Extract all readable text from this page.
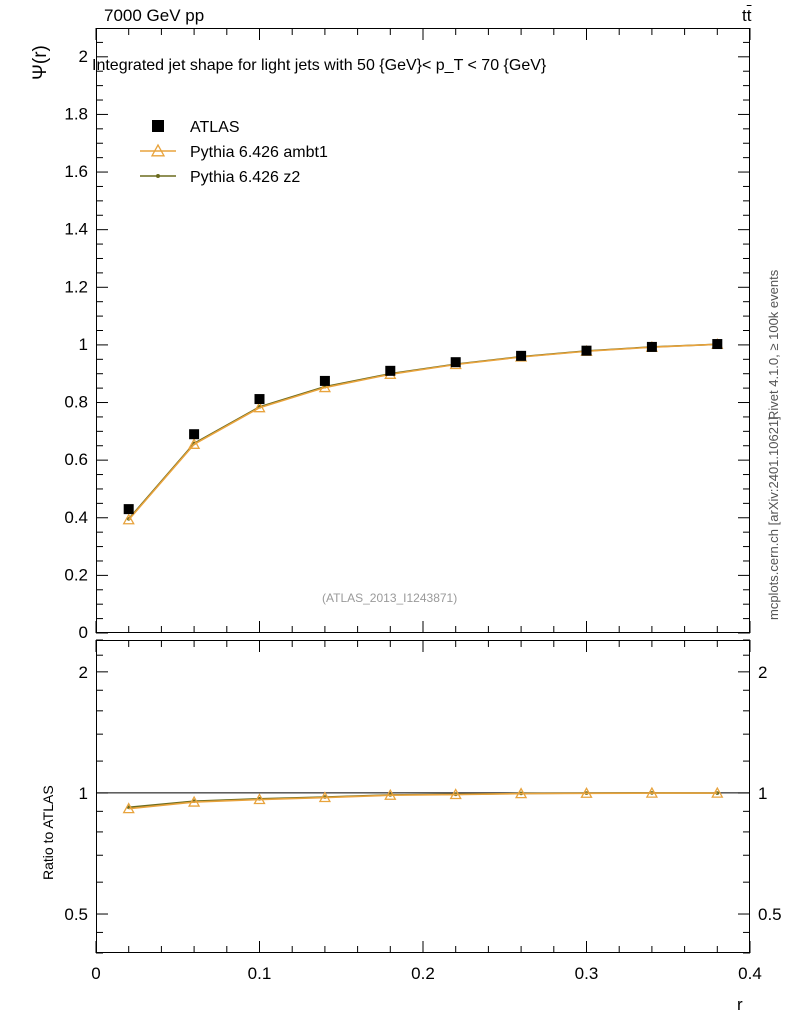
7000 GeV pp	$t\overline{t}$
Rivet 4.1.0, ≥ 100k events
mcplots.cern.ch [arXiv:2401.10621]
Ψ(r)
Ratio to ATLAS
r
Integrated jet shape for light jets with 50 {GeV}< p_T < 70 {GeV}
(ATLAS_2013_I1243871)
0
0.2
0.4
0.6
0.8
1
1.2
1.4
1.6
1.8
2
0.5	0.5
1	1
2	2
0	0.1	0.2	0.3	0.4
ATLAS
Pythia 6.426 ambt1
Pythia 6.426 z2
